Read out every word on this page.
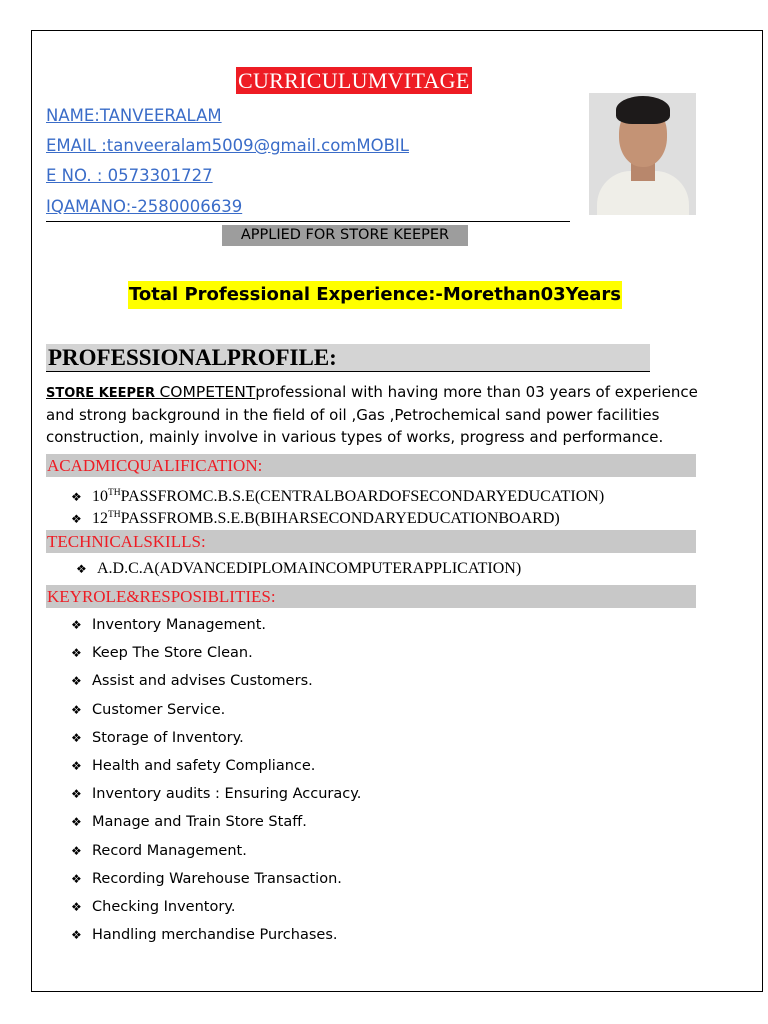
CURRICULUMVITAGE
NAME:TANVEERALAM
EMAIL :tanveeralam5009@gmail.comMOBIL
E NO. : 0573301727
IQAMANO:-2580006639
APPLIED FOR STORE KEEPER
Total Professional Experience:-Morethan03Years
PROFESSIONALPROFILE:
STORE KEEPER COMPETENTprofessional with having more than 03 years of experience
and strong background in the field of oil ,Gas ,Petrochemical sand power facilities
construction, mainly involve in various types of works, progress and performance.
ACADMICQUALIFICATION:
❖ 10THPASSFROMC.B.S.E(CENTRALBOARDOFSECONDARYEDUCATION)
❖ 12THPASSFROMB.S.E.B(BIHARSECONDARYEDUCATIONBOARD)
TECHNICALSKILLS:
❖ A.D.C.A(ADVANCEDIPLOMAINCOMPUTERAPPLICATION)
KEYROLE&RESPOSIBLITIES:
❖ Inventory Management.
❖ Keep The Store Clean.
❖ Assist and advises Customers.
❖ Customer Service.
❖ Storage of Inventory.
❖ Health and safety Compliance.
❖ Inventory audits : Ensuring Accuracy.
❖ Manage and Train Store Staff.
❖ Record Management.
❖ Recording Warehouse Transaction.
❖ Checking Inventory.
❖ Handling merchandise Purchases.
